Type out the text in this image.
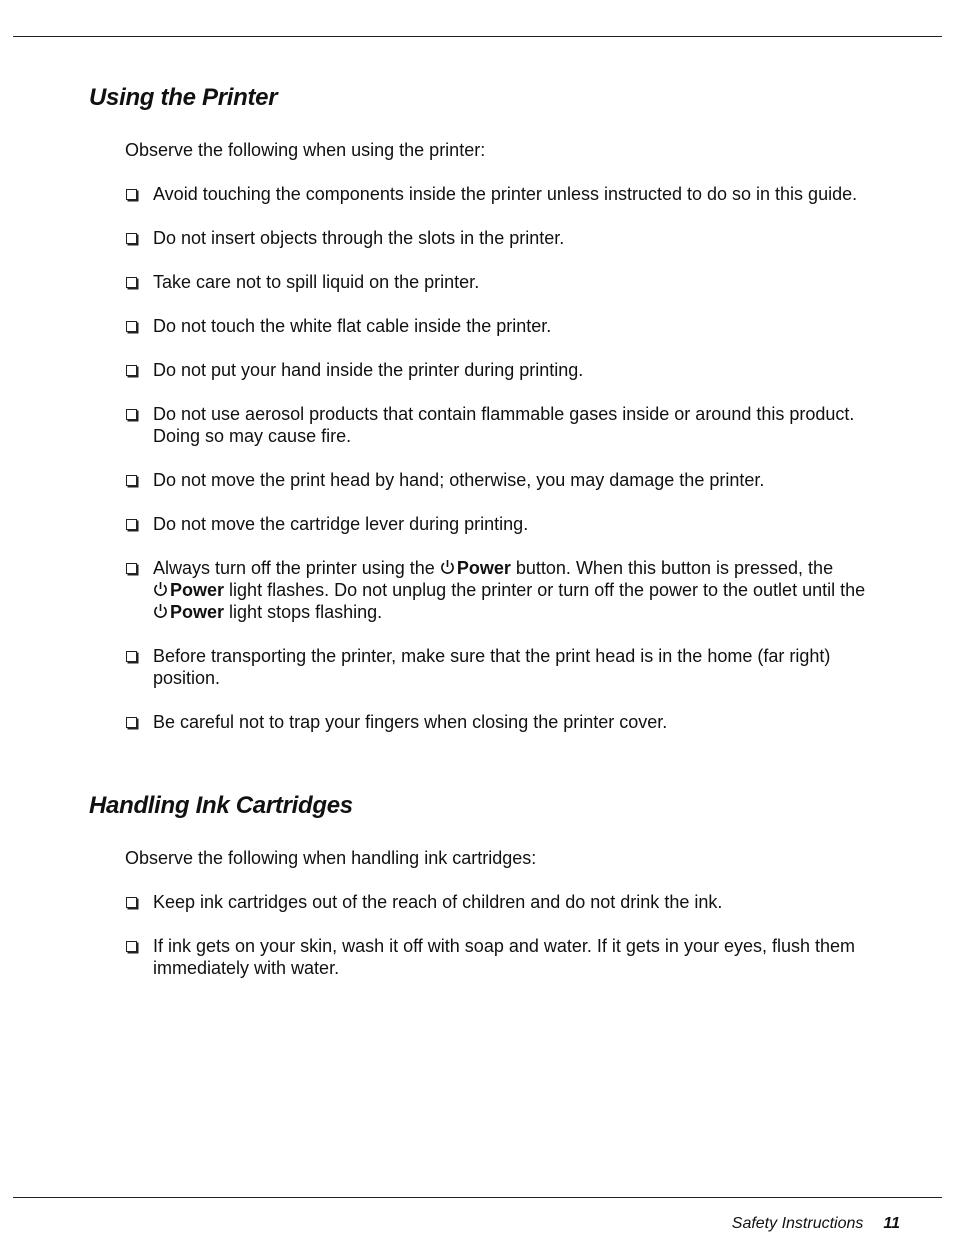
Using the Printer

Observe the following when using the printer:

Avoid touching the components inside the printer unless instructed to do so in this guide.
Do not insert objects through the slots in the printer.
Take care not to spill liquid on the printer.
Do not touch the white flat cable inside the printer.
Do not put your hand inside the printer during printing.
Do not use aerosol products that contain flammable gases inside or around this product. Doing so may cause fire.
Do not move the print head by hand; otherwise, you may damage the printer.
Do not move the cartridge lever during printing.
Always turn off the printer using the Power button. When this button is pressed, the

Power light flashes. Do not unplug the printer or turn off the power to the outlet until the
Power light stops flashing.
Before transporting the printer, make sure that the print head is in the home (far right) position.
Be careful not to trap your fingers when closing the printer cover.
Handling Ink Cartridges

Observe the following when handling ink cartridges:

Keep ink cartridges out of the reach of children and do not drink the ink.
If ink gets on your skin, wash it off with soap and water. If it gets in your eyes, flush them immediately with water.
Safety Instructions 11
